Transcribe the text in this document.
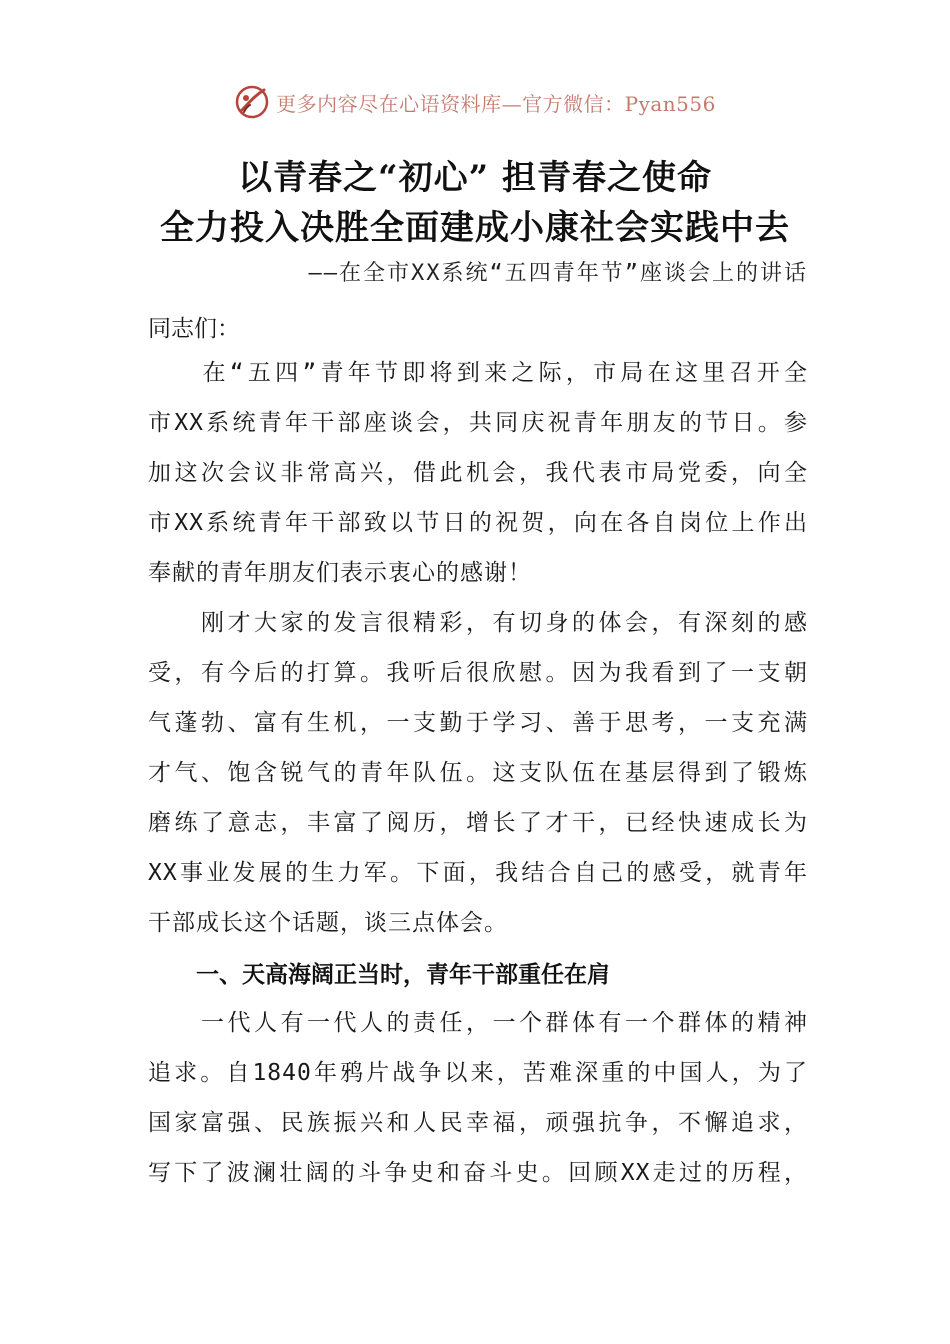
更多内容尽在心语资料库—官方微信：Pyan556
以青春之“初心” 担青春之使命
全力投入决胜全面建成小康社会实践中去
——在全市XX系统“五四青年节”座谈会上的讲话
同志们：
　　在“五四”青年节即将到来之际，市局在这里召开全
市XX系统青年干部座谈会，共同庆祝青年朋友的节日。参
加这次会议非常高兴，借此机会，我代表市局党委，向全
市XX系统青年干部致以节日的祝贺，向在各自岗位上作出
奉献的青年朋友们表示衷心的感谢！
　　刚才大家的发言很精彩，有切身的体会，有深刻的感
受，有今后的打算。我听后很欣慰。因为我看到了一支朝
气蓬勃、富有生机，一支勤于学习、善于思考，一支充满
才气、饱含锐气的青年队伍。这支队伍在基层得到了锻炼
磨练了意志，丰富了阅历，增长了才干，已经快速成长为
XX事业发展的生力军。下面，我结合自己的感受，就青年
干部成长这个话题，谈三点体会。
一、天高海阔正当时，青年干部重任在肩
　　一代人有一代人的责任，一个群体有一个群体的精神
追求。自1840年鸦片战争以来，苦难深重的中国人，为了
国家富强、民族振兴和人民幸福，顽强抗争，不懈追求，
写下了波澜壮阔的斗争史和奋斗史。回顾XX走过的历程，
